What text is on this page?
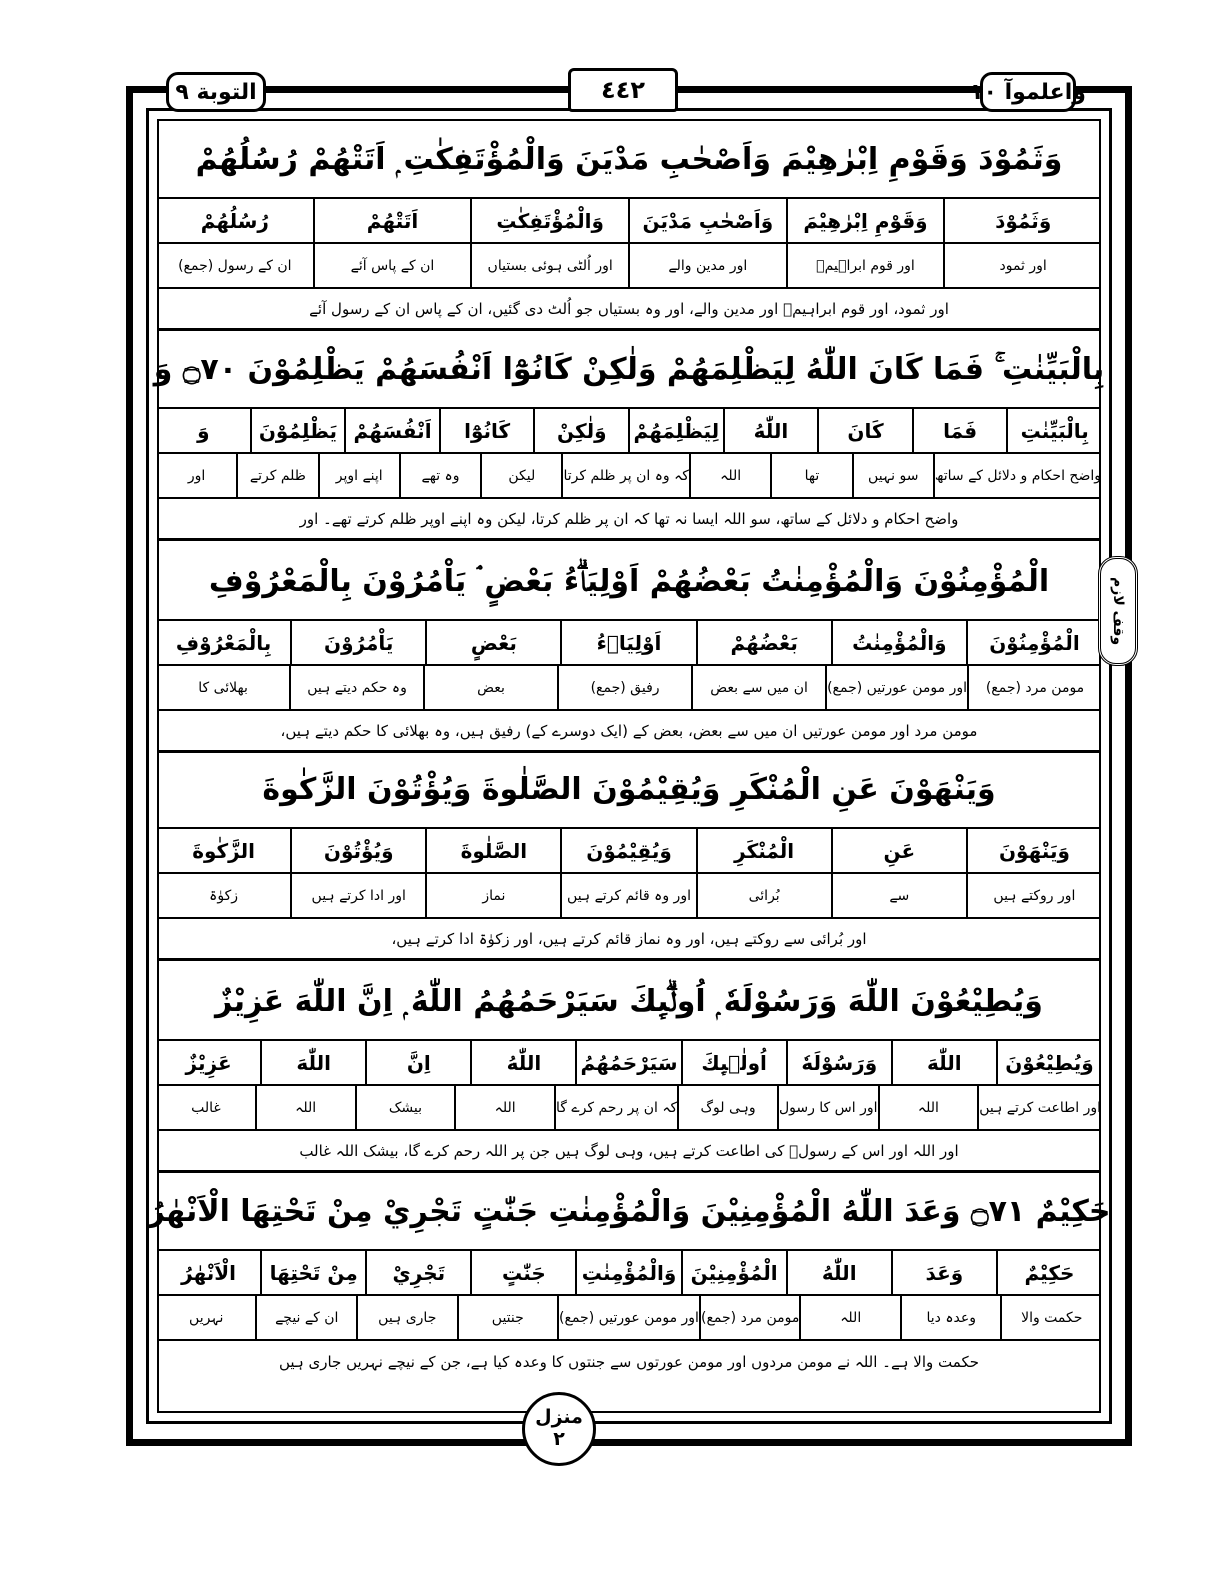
التوبة ٩	٤٤٢	واعلموآ ١٠
وَثَمُوْدَ وَقَوْمِ اِبْرٰهِيْمَ وَاَصْحٰبِ مَدْيَنَ وَالْمُؤْتَفِكٰتِ ۭ اَتَتْهُمْ رُسُلُهُمْ
وَثَمُوْدَ
وَقَوْمِ اِبْرٰهِيْمَ
وَاَصْحٰبِ مَدْيَنَ
وَالْمُؤْتَفِكٰتِ
اَتَتْهُمْ
رُسُلُهُمْ
اور ثمود
اور قوم ابراہیمؑ
اور مدین والے
اور اُلٹی ہوئی بستیاں
ان کے پاس آئے
ان کے رسول (جمع)
اور ثمود، اور قوم ابراہیمؑ اور مدین والے، اور وہ بستیاں جو اُلٹ دی گئیں، ان کے پاس ان کے رسول آئے
بِالْبَيِّنٰتِ ۚ فَمَا كَانَ اللّٰهُ لِيَظْلِمَهُمْ وَلٰكِنْ كَانُوْٓا اَنْفُسَهُمْ يَظْلِمُوْنَ ۝٧٠ وَ
بِالْبَيِّنٰتِ
فَمَا
كَانَ
اللّٰهُ
لِيَظْلِمَهُمْ
وَلٰكِنْ
كَانُوْٓا
اَنْفُسَهُمْ
يَظْلِمُوْنَ
وَ
واضح احکام و دلائل کے ساتھ
سو نہیں
تھا
اللہ
کہ وہ ان پر ظلم کرتا
لیکن
وہ تھے
اپنے اوپر
ظلم کرتے
اور
واضح احکام و دلائل کے ساتھ، سو اللہ ایسا نہ تھا کہ ان پر ظلم کرتا، لیکن وہ اپنے اوپر ظلم کرتے تھے۔ اور
الْمُؤْمِنُوْنَ وَالْمُؤْمِنٰتُ بَعْضُهُمْ اَوْلِيَاۗءُ بَعْضٍ ۘ يَاْمُرُوْنَ بِالْمَعْرُوْفِ
الْمُؤْمِنُوْنَ
وَالْمُؤْمِنٰتُ
بَعْضُهُمْ
اَوْلِيَاۗءُ
بَعْضٍ
يَاْمُرُوْنَ
بِالْمَعْرُوْفِ
مومن مرد (جمع)
اور مومن عورتیں (جمع)
ان میں سے بعض
رفیق (جمع)
بعض
وہ حکم دیتے ہیں
بھلائی کا
مومن مرد اور مومن عورتیں ان میں سے بعض، بعض کے (ایک دوسرے کے) رفیق ہیں، وہ بھلائی کا حکم دیتے ہیں،
وَيَنْهَوْنَ عَنِ الْمُنْكَرِ وَيُقِيْمُوْنَ الصَّلٰوةَ وَيُؤْتُوْنَ الزَّكٰوةَ
وَيَنْهَوْنَ
عَنِ
الْمُنْكَرِ
وَيُقِيْمُوْنَ
الصَّلٰوةَ
وَيُؤْتُوْنَ
الزَّكٰوةَ
اور روکتے ہیں
سے
بُرائی
اور وہ قائم کرتے ہیں
نماز
اور ادا کرتے ہیں
زکوٰۃ
اور بُرائی سے روکتے ہیں، اور وہ نماز قائم کرتے ہیں، اور زکوٰۃ ادا کرتے ہیں،
وَيُطِيْعُوْنَ اللّٰهَ وَرَسُوْلَهٗ ۭ اُولٰۗىِٕكَ سَيَرْحَمُهُمُ اللّٰهُ ۭ اِنَّ اللّٰهَ عَزِيْزٌ
وَيُطِيْعُوْنَ
اللّٰهَ
وَرَسُوْلَهٗ
اُولٰۗىِٕكَ
سَيَرْحَمُهُمُ
اللّٰهُ
اِنَّ
اللّٰهَ
عَزِيْزٌ
اور اطاعت کرتے ہیں
اللہ
اور اس کا رسول
وہی لوگ
کہ ان پر رحم کرے گا
اللہ
بیشک
اللہ
غالب
اور اللہ اور اس کے رسولؐ کی اطاعت کرتے ہیں، وہی لوگ ہیں جن پر اللہ رحم کرے گا، بیشک اللہ غالب
حَكِيْمٌ ۝٧١ وَعَدَ اللّٰهُ الْمُؤْمِنِيْنَ وَالْمُؤْمِنٰتِ جَنّٰتٍ تَجْرِيْ مِنْ تَحْتِهَا الْاَنْهٰرُ
حَكِيْمٌ
وَعَدَ
اللّٰهُ
الْمُؤْمِنِيْنَ
وَالْمُؤْمِنٰتِ
جَنّٰتٍ
تَجْرِيْ
مِنْ تَحْتِهَا
الْاَنْهٰرُ
حکمت والا
وعدہ دیا
اللہ
مومن مرد (جمع)
اور مومن عورتیں (جمع)
جنتیں
جاری ہیں
ان کے نیچے
نہریں
حکمت والا ہے۔ اللہ نے مومن مردوں اور مومن عورتوں سے جنتوں کا وعدہ کیا ہے، جن کے نیچے نہریں جاری ہیں
وقف لازم
منزل
٢
